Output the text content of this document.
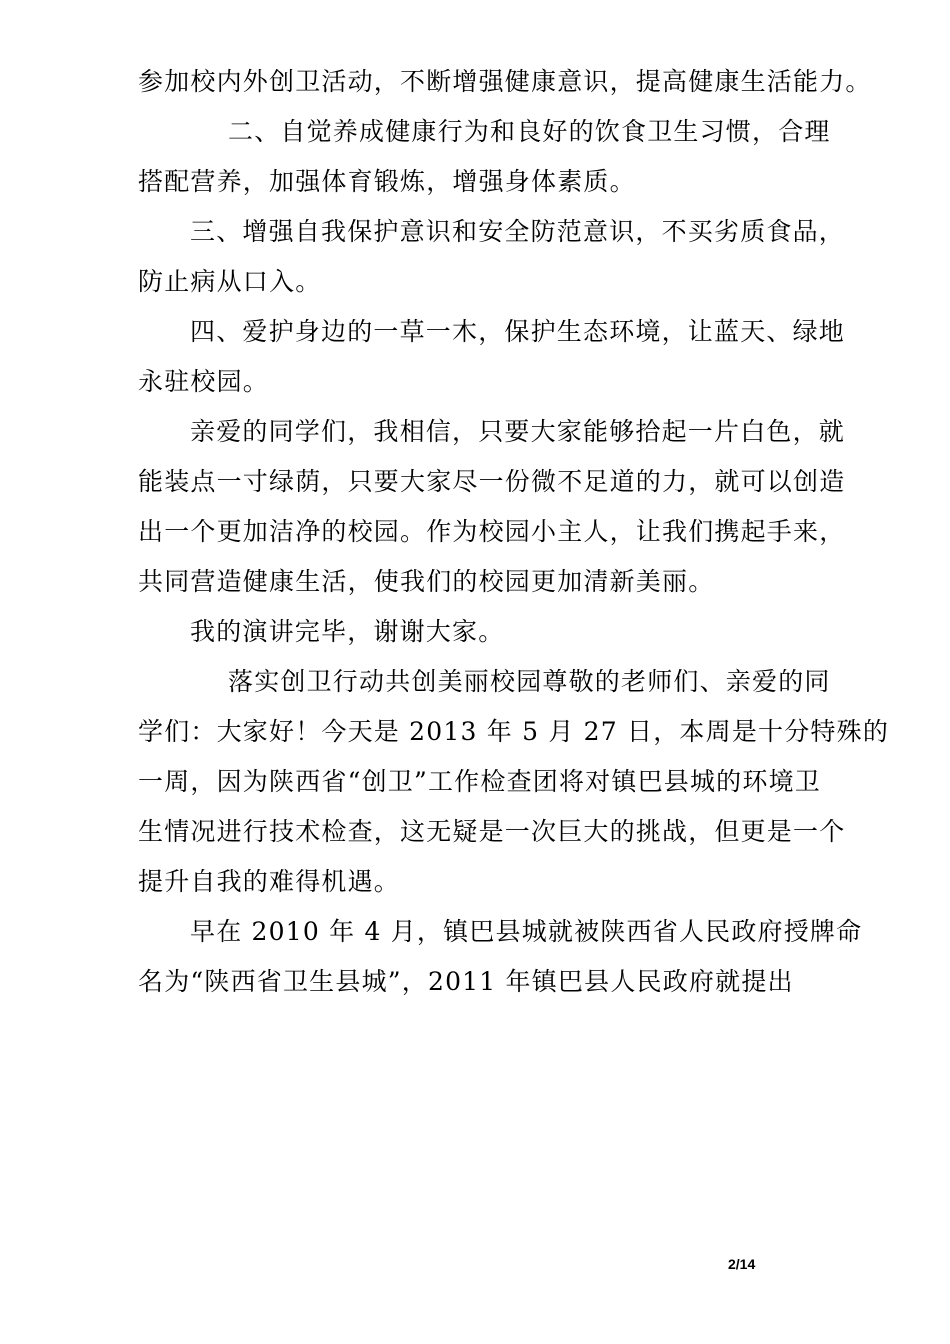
参加校内外创卫活动，不断增强健康意识，提高健康生活能力。
二、自觉养成健康行为和良好的饮食卫生习惯，合理
搭配营养，加强体育锻炼，增强身体素质。
三、增强自我保护意识和安全防范意识，不买劣质食品，
防止病从口入。
四、爱护身边的一草一木，保护生态环境，让蓝天、绿地
永驻校园。
亲爱的同学们，我相信，只要大家能够拾起一片白色，就
能装点一寸绿荫，只要大家尽一份微不足道的力，就可以创造
出一个更加洁净的校园。作为校园小主人，让我们携起手来，
共同营造健康生活，使我们的校园更加清新美丽。
我的演讲完毕，谢谢大家。
落实创卫行动共创美丽校园尊敬的老师们、亲爱的同
学们：大家好！今天是 2013 年 5 月 27 日，本周是十分特殊的
一周，因为陕西省“创卫”工作检查团将对镇巴县城的环境卫
生情况进行技术检查，这无疑是一次巨大的挑战，但更是一个
提升自我的难得机遇。
早在 2010 年 4 月，镇巴县城就被陕西省人民政府授牌命
名为“陕西省卫生县城”，2011 年镇巴县人民政府就提出
2/14
